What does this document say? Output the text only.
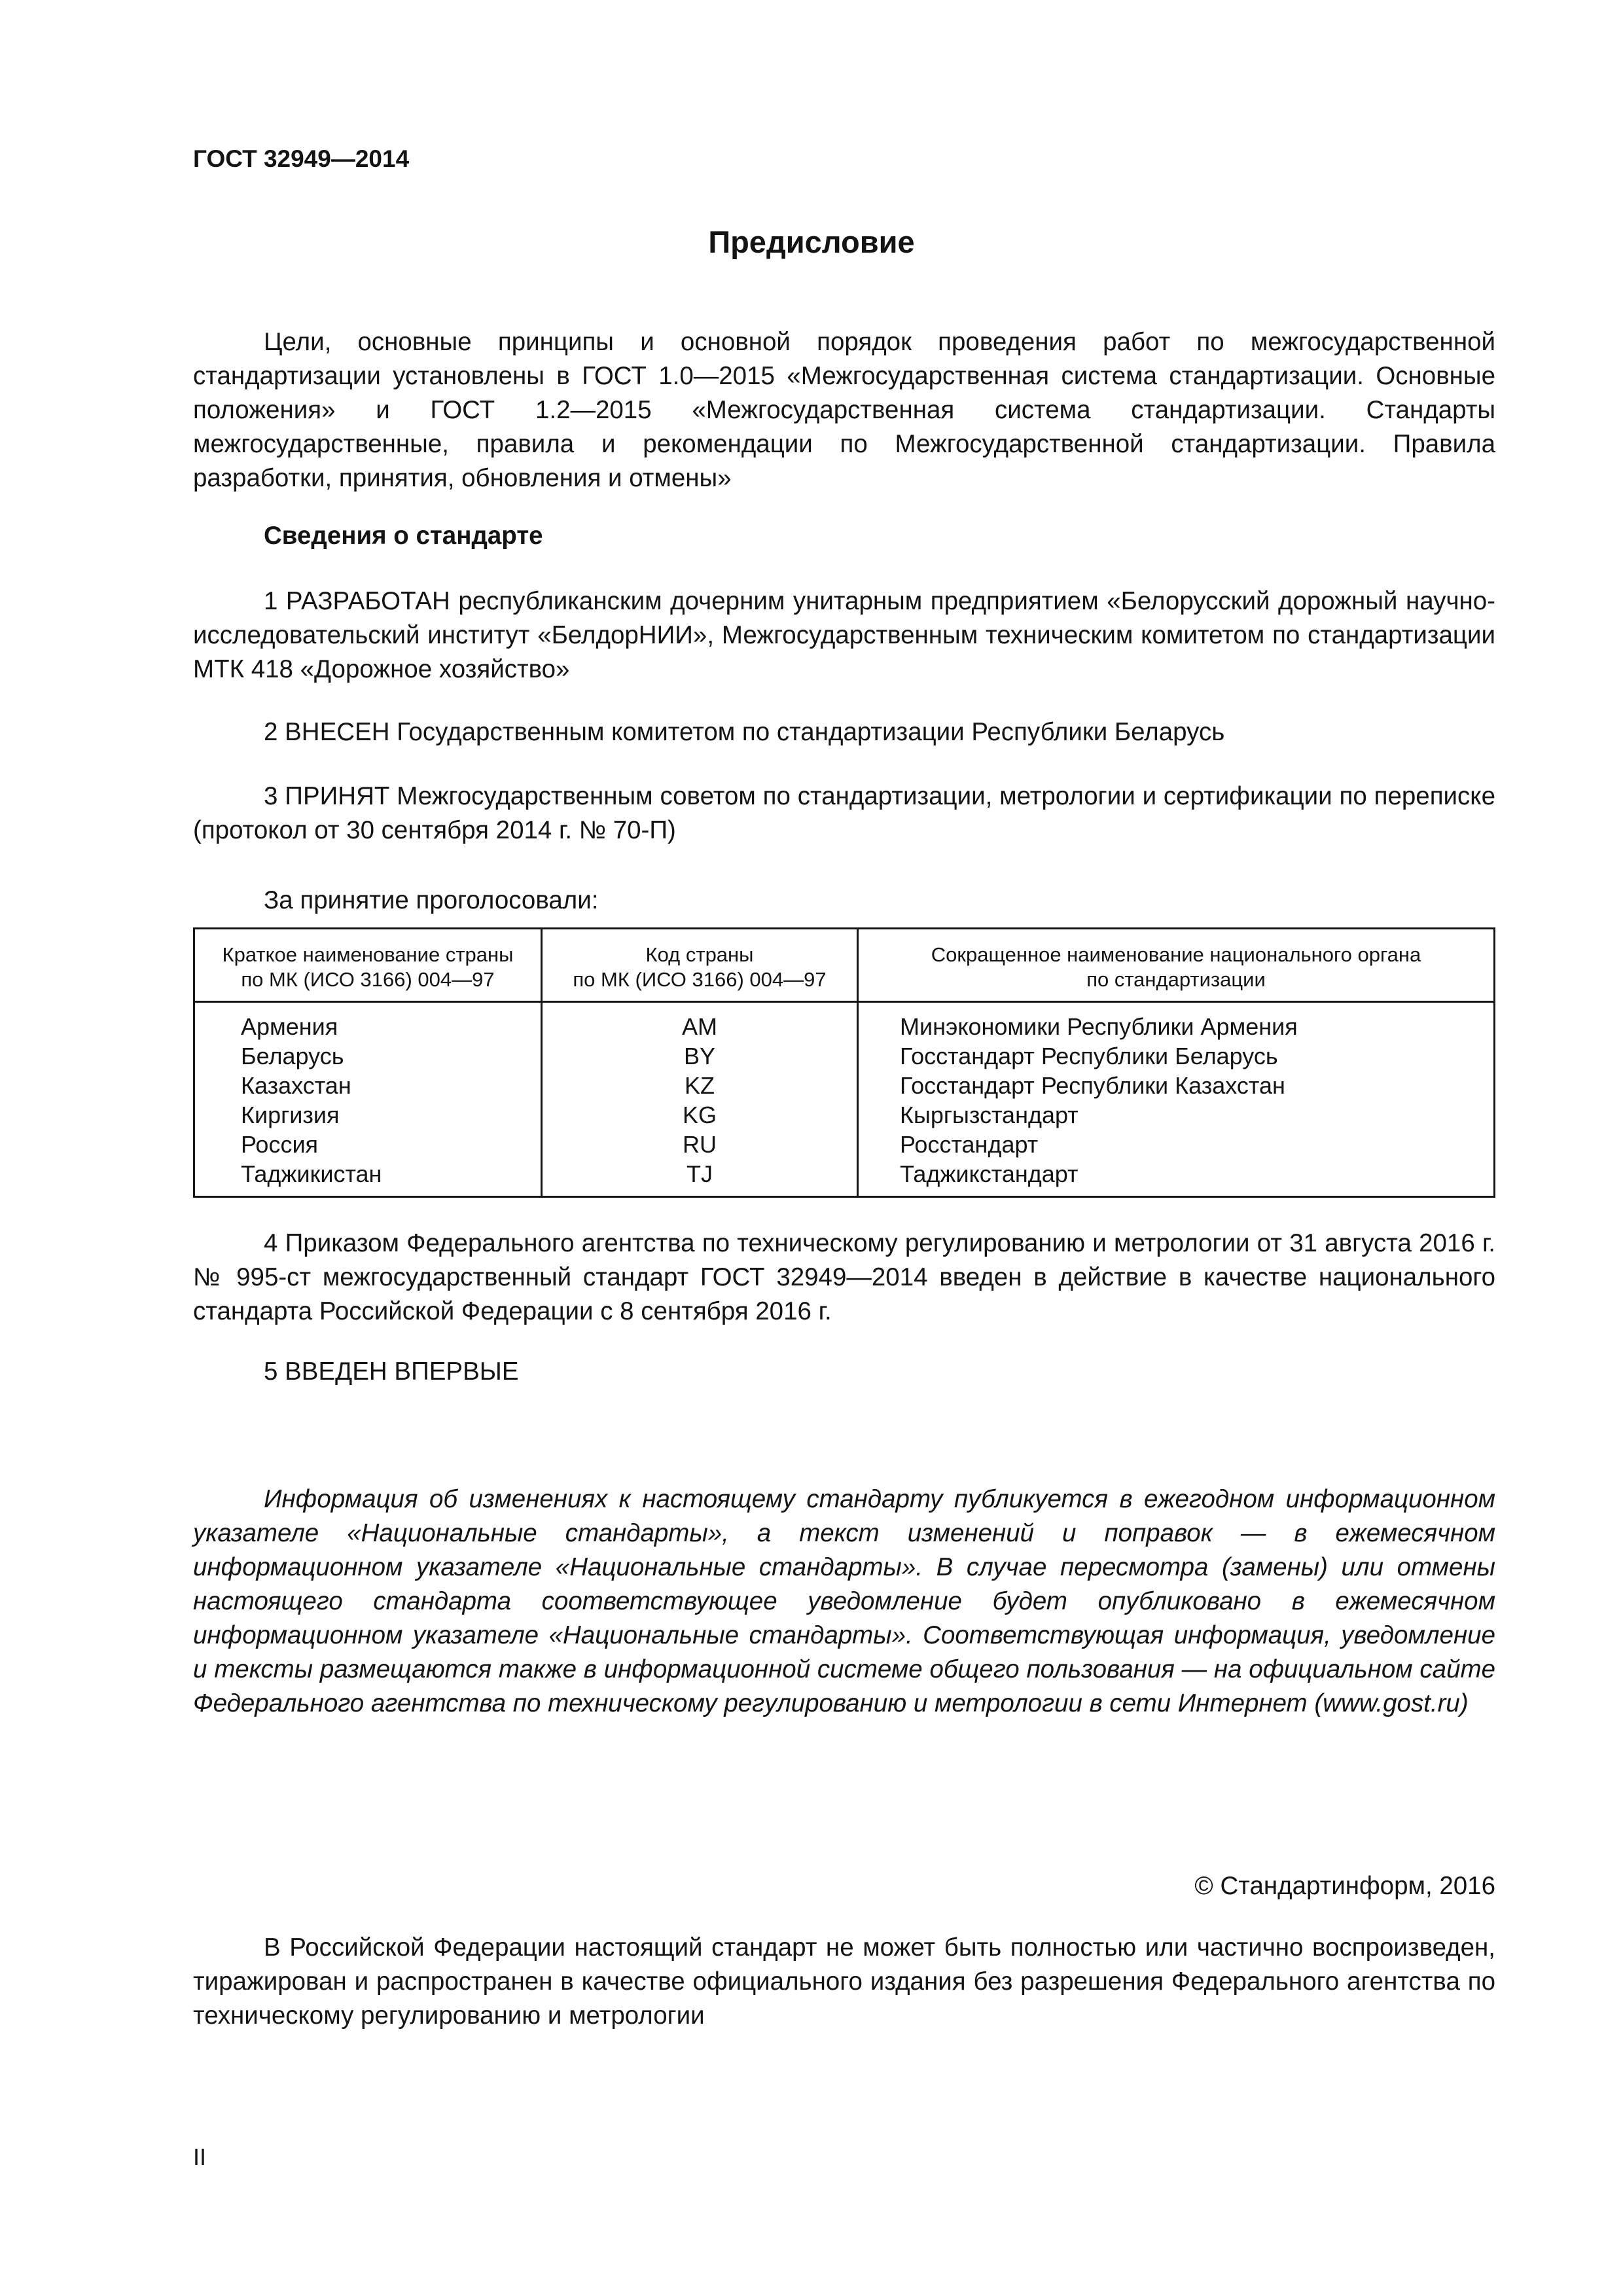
ГОСТ 32949—2014
Предисловие

Цели, основные принципы и основной порядок проведения работ по межгосударственной стандартизации установлены в ГОСТ 1.0—2015 «Межгосударственная система стандартизации. Основные положения» и ГОСТ 1.2—2015 «Межгосударственная система стандартизации. Стандарты межгосударственные, правила и рекомендации по Межгосударственной стандартизации. Правила разработки, принятия, обновления и отмены»

Сведения о стандарте

1 РАЗРАБОТАН республиканским дочерним унитарным предприятием «Белорусский дорожный научно-исследовательский институт «БелдорНИИ», Межгосударственным техническим комитетом по стандартизации МТК 418 «Дорожное хозяйство»

2 ВНЕСЕН Государственным комитетом по стандартизации Республики Беларусь

3 ПРИНЯТ Межгосударственным советом по стандартизации, метрологии и сертификации по переписке (протокол от 30 сентября 2014 г. № 70-П)

За принятие проголосовали:
Краткое наименование страны
по МК (ИСО 3166) 004—97
Код страны
по МК (ИСО 3166) 004—97
Сокращенное наименование национального органа
по стандартизации
Армения
Беларусь
Казахстан
Киргизия
Россия
Таджикистан
AM
BY
KZ
KG
RU
TJ
Минэкономики Республики Армения
Госстандарт Республики Беларусь
Госстандарт Республики Казахстан
Кыргызстандарт
Росстандарт
Таджикстандарт

4 Приказом Федерального агентства по техническому регулированию и метрологии от 31 августа 2016 г. № 995-ст межгосударственный стандарт ГОСТ 32949—2014 введен в действие в качестве национального стандарта Российской Федерации с 8 сентября 2016 г.

5 ВВЕДЕН ВПЕРВЫЕ

Информация об изменениях к настоящему стандарту публикуется в ежегодном информационном указателе «Национальные стандарты», а текст изменений и поправок — в ежемесячном информационном указателе «Национальные стандарты». В случае пересмотра (замены) или отмены настоящего стандарта соответствующее уведомление будет опубликовано в ежемесячном информационном указателе «Национальные стандарты». Соответствующая информация, уведомление и тексты размещаются также в информационной системе общего пользования — на официальном сайте Федерального агентства по техническому регулированию и метрологии в сети Интернет (www.gost.ru)

© Стандартинформ, 2016

В Российской Федерации настоящий стандарт не может быть полностью или частично воспроизведен, тиражирован и распространен в качестве официального издания без разрешения Федерального агентства по техническому регулированию и метрологии

II
